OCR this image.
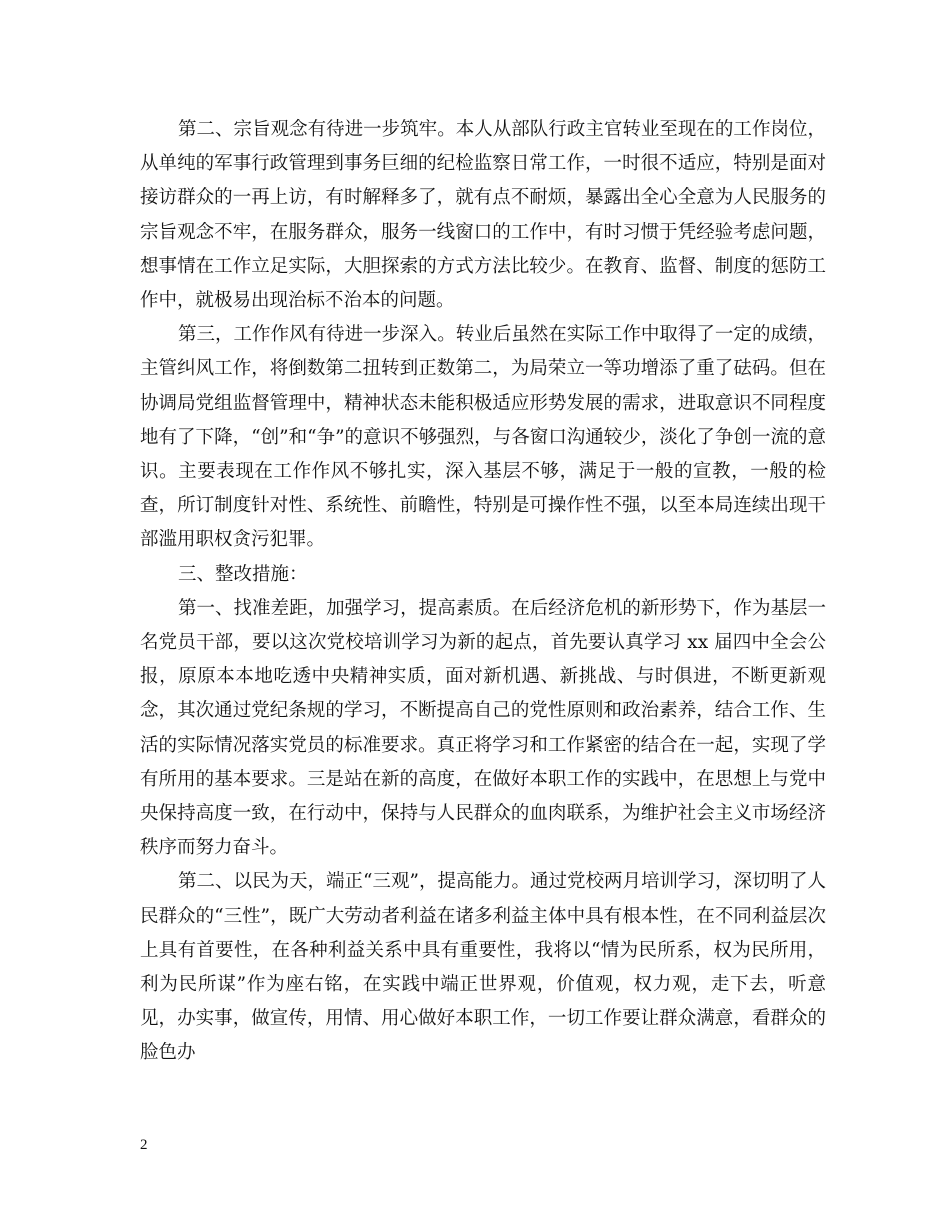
第二、宗旨观念有待进一步筑牢。本人从部队行政主官转业至现在的工作岗位，从单纯的军事行政管理到事务巨细的纪检监察日常工作，一时很不适应，特别是面对接访群众的一再上访，有时解释多了，就有点不耐烦，暴露出全心全意为人民服务的宗旨观念不牢，在服务群众，服务一线窗口的工作中，有时习惯于凭经验考虑问题，想事情在工作立足实际，大胆探索的方式方法比较少。在教育、监督、制度的惩防工作中，就极易出现治标不治本的问题。

第三，工作作风有待进一步深入。转业后虽然在实际工作中取得了一定的成绩，主管纠风工作，将倒数第二扭转到正数第二，为局荣立一等功增添了重了砝码。但在协调局党组监督管理中，精神状态未能积极适应形势发展的需求，进取意识不同程度地有了下降，“创”和“争”的意识不够强烈，与各窗口沟通较少，淡化了争创一流的意识。主要表现在工作作风不够扎实，深入基层不够，满足于一般的宣教，一般的检查，所订制度针对性、系统性、前瞻性，特别是可操作性不强，以至本局连续出现干部滥用职权贪污犯罪。

三、整改措施：

第一、找准差距，加强学习，提高素质。在后经济危机的新形势下，作为基层一名党员干部，要以这次党校培训学习为新的起点，首先要认真学习 xx 届四中全会公报，原原本本地吃透中央精神实质，面对新机遇、新挑战、与时俱进，不断更新观念，其次通过党纪条规的学习，不断提高自己的党性原则和政治素养，结合工作、生活的实际情况落实党员的标准要求。真正将学习和工作紧密的结合在一起，实现了学有所用的基本要求。三是站在新的高度，在做好本职工作的实践中，在思想上与党中央保持高度一致，在行动中，保持与人民群众的血肉联系，为维护社会主义市场经济秩序而努力奋斗。

第二、以民为天，端正“三观”，提高能力。通过党校两月培训学习，深切明了人民群众的“三性”，既广大劳动者利益在诸多利益主体中具有根本性，在不同利益层次上具有首要性，在各种利益关系中具有重要性，我将以“情为民所系，权为民所用，利为民所谋”作为座右铭，在实践中端正世界观，价值观，权力观，走下去，听意见，办实事，做宣传，用情、用心做好本职工作，一切工作要让群众满意，看群众的脸色办

2
